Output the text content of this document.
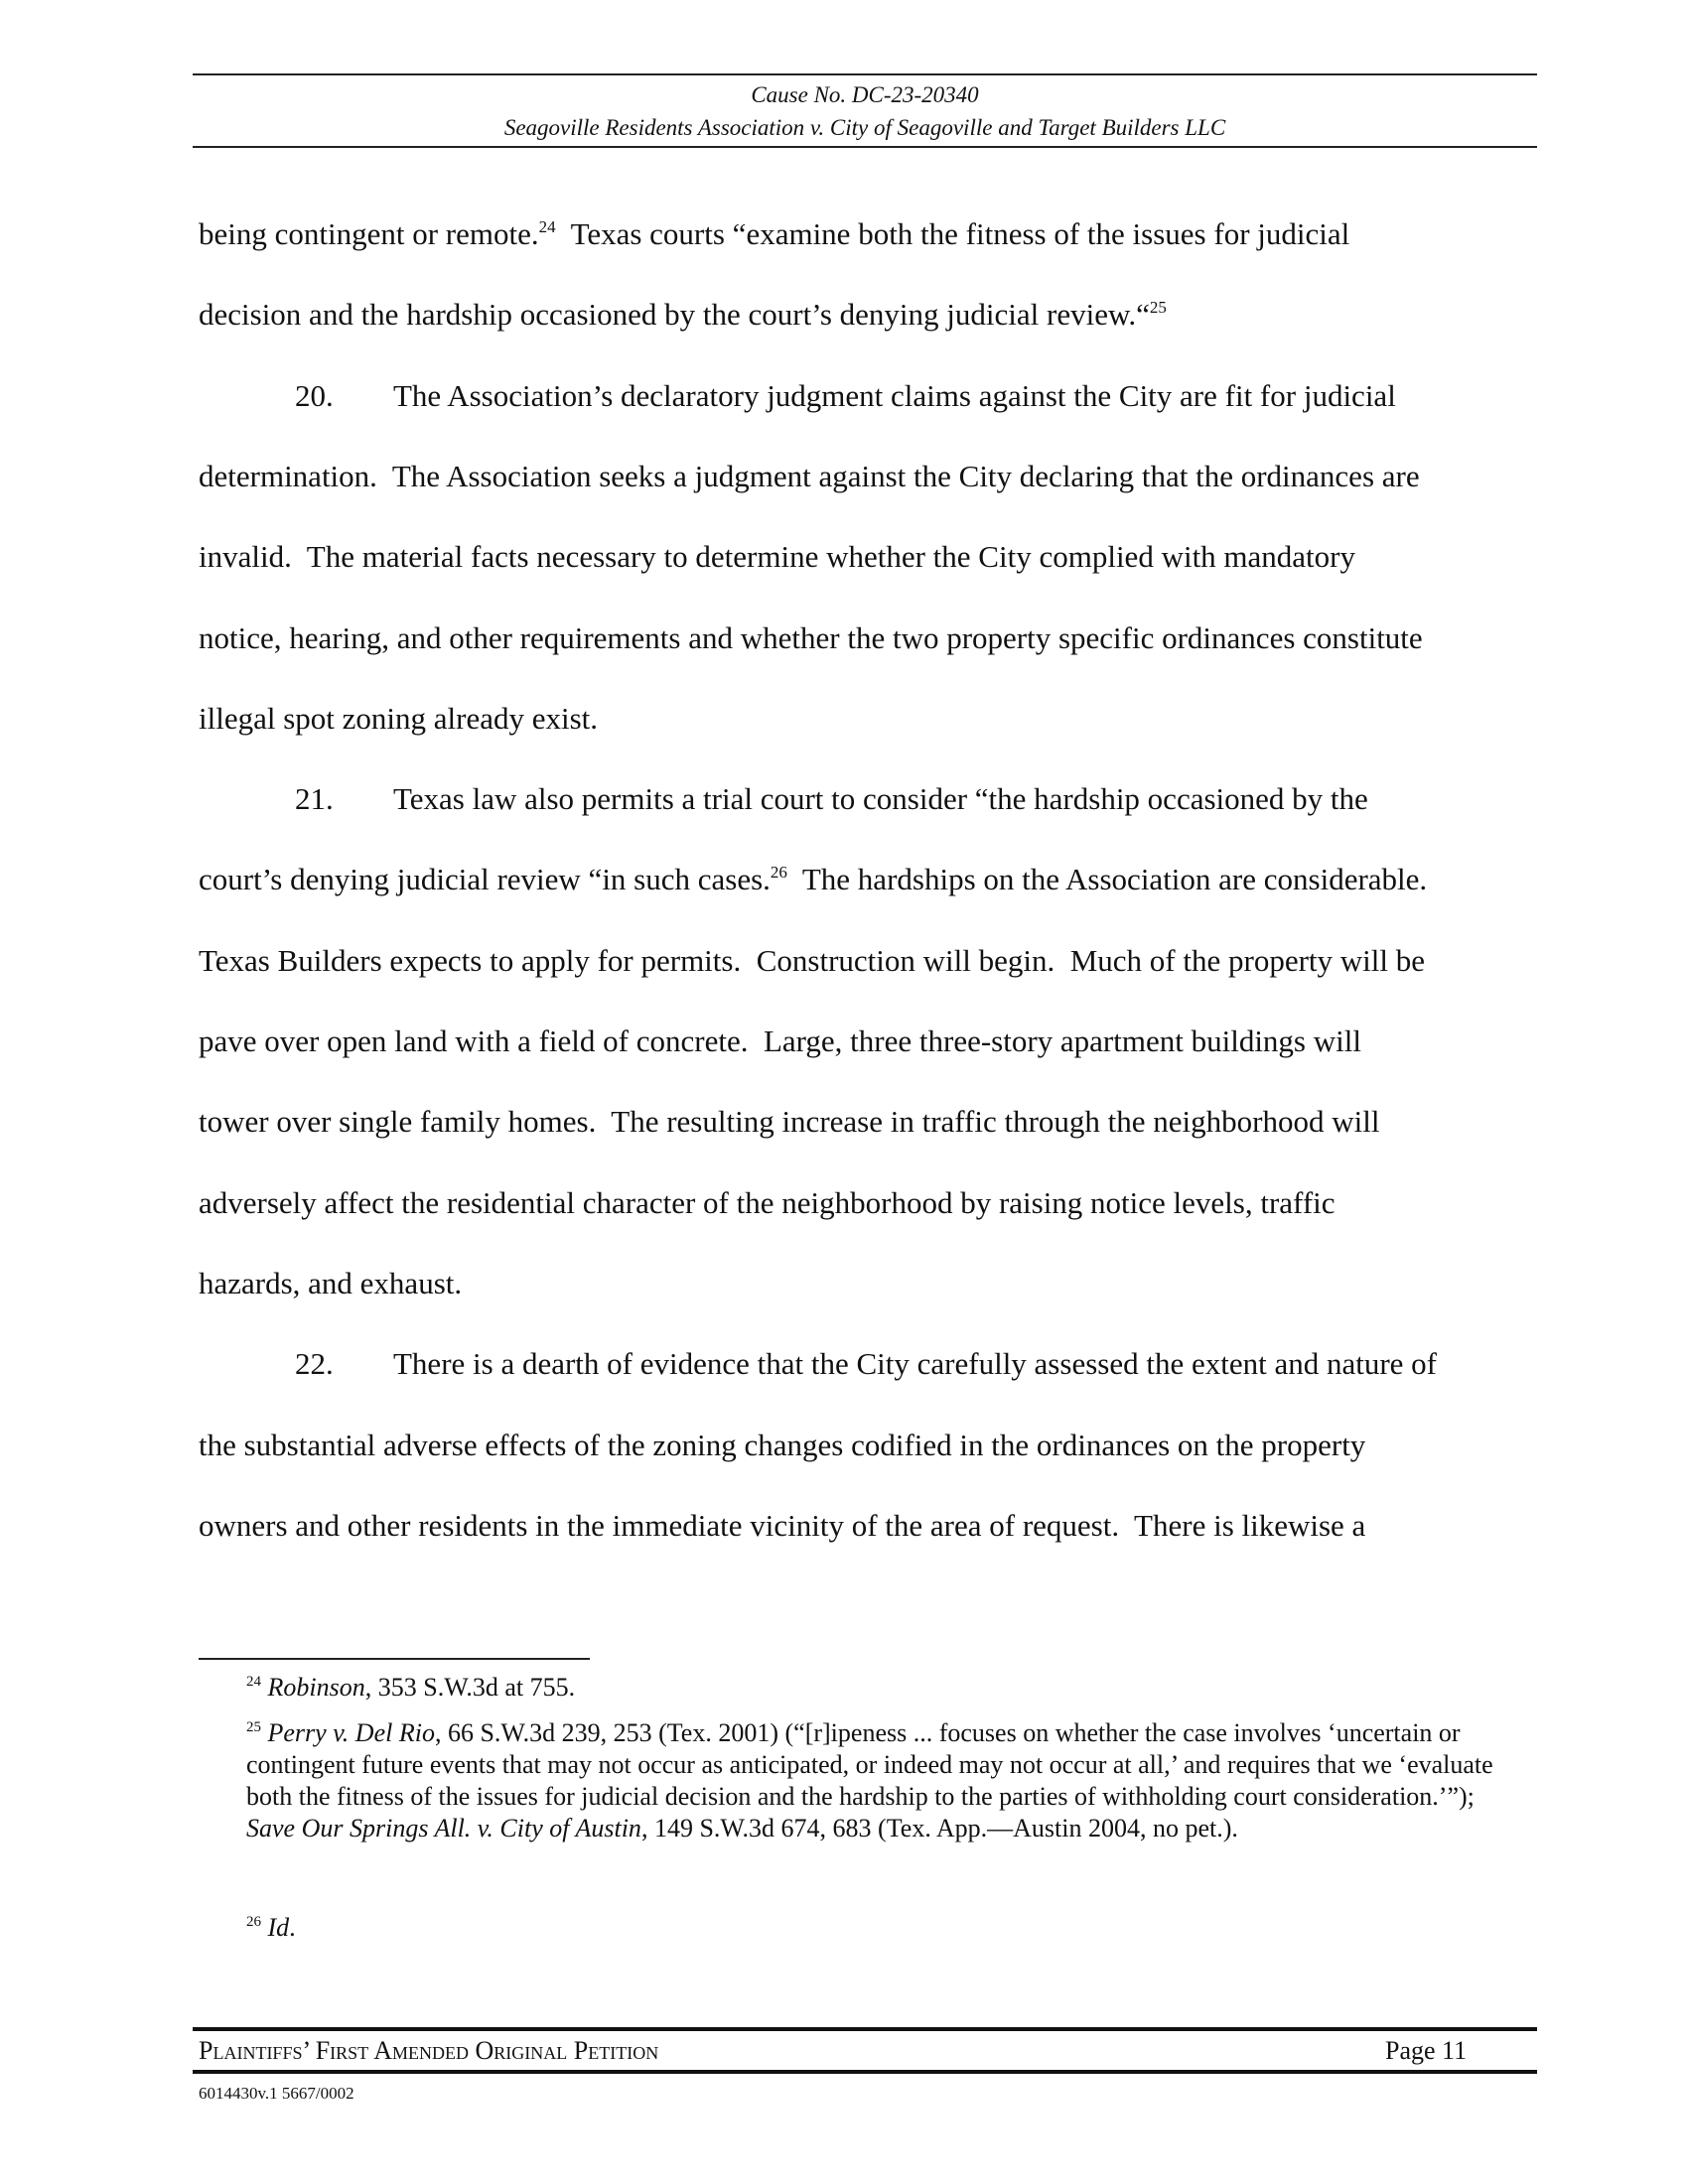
Cause No. DC-23-20340
Seagoville Residents Association v. City of Seagoville and Target Builders LLC
being contingent or remote.$^{24}$  Texas courts “examine both the fitness of the issues for judicial
decision and the hardship occasioned by the court’s denying judicial review.“$^{25}$
20. The Association’s declaratory judgment claims against the City are fit for judicial
determination.  The Association seeks a judgment against the City declaring that the ordinances are
invalid.  The material facts necessary to determine whether the City complied with mandatory
notice, hearing, and other requirements and whether the two property specific ordinances constitute
illegal spot zoning already exist.
21. Texas law also permits a trial court to consider “the hardship occasioned by the
court’s denying judicial review “in such cases.$^{26}$  The hardships on the Association are considerable.
Texas Builders expects to apply for permits.  Construction will begin.  Much of the property will be
pave over open land with a field of concrete.  Large, three three-story apartment buildings will
tower over single family homes.  The resulting increase in traffic through the neighborhood will
adversely affect the residential character of the neighborhood by raising notice levels, traffic
hazards, and exhaust.
22. There is a dearth of evidence that the City carefully assessed the extent and nature of
the substantial adverse effects of the zoning changes codified in the ordinances on the property
owners and other residents in the immediate vicinity of the area of request.  There is likewise a
$^{24}$ Robinson, 353 S.W.3d at 755.
$^{25}$ Perry v. Del Rio, 66 S.W.3d 239, 253 (Tex. 2001) (“[r]ipeness ... focuses on whether the case involves ‘uncertain or contingent future events that may not occur as anticipated, or indeed may not occur at all,’ and requires that we ‘evaluate both the fitness of the issues for judicial decision and the hardship to the parties of withholding court consideration.’”); Save Our Springs All. v. City of Austin, 149 S.W.3d 674, 683 (Tex. App.—Austin 2004, no pet.).
$^{26}$ Id.
Plaintiffs’ First Amended Original Petition	Page 11
6014430v.1 5667/0002
